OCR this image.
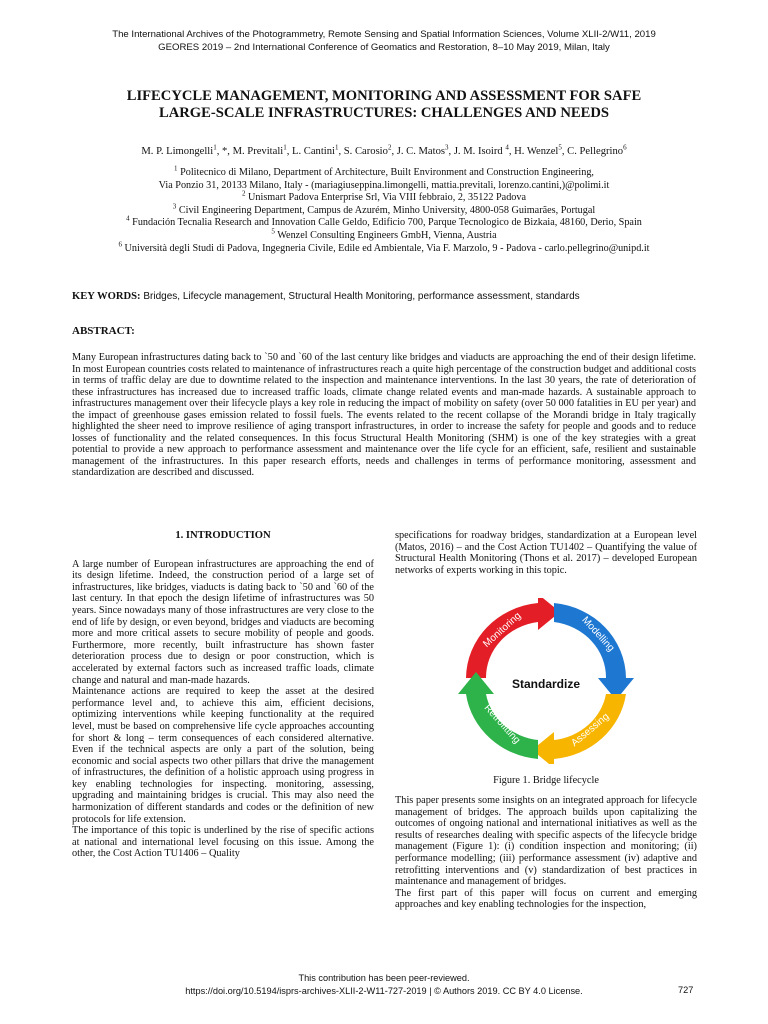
The International Archives of the Photogrammetry, Remote Sensing and Spatial Information Sciences, Volume XLII-2/W11, 2019
GEORES 2019 – 2nd International Conference of Geomatics and Restoration, 8–10 May 2019, Milan, Italy
LIFECYCLE MANAGEMENT, MONITORING AND ASSESSMENT FOR SAFE
LARGE-SCALE INFRASTRUCTURES: CHALLENGES AND NEEDS
M. P. Limongelli$^1$, *, M. Previtali$^1$, L. Cantini$^1$, S. Carosio$^2$, J. C. Matos$^3$, J. M. Isoird $^4$, H. Wenzel$^5$, C. Pellegrino$^6$
$^1$ Politecnico di Milano, Department of Architecture, Built Environment and Construction Engineering,
Via Ponzio 31, 20133 Milano, Italy - (mariagiuseppina.limongelli, mattia.previtali, lorenzo.cantini,)@polimi.it
$^2$ Unismart Padova Enterprise Srl, Via VIII febbraio, 2, 35122 Padova
$^3$ Civil Engineering Department, Campus de Azurém, Minho University, 4800-058 Guimarães, Portugal
$^4$ Fundación Tecnalia Research and Innovation Calle Geldo, Edificio 700, Parque Tecnologico de Bizkaia, 48160, Derio, Spain
$^5$ Wenzel Consulting Engineers GmbH, Vienna, Austria
$^6$ Università degli Studi di Padova, Ingegneria Civile, Edile ed Ambientale, Via F. Marzolo, 9 - Padova - carlo.pellegrino@unipd.it
KEY WORDS: Bridges, Lifecycle management, Structural Health Monitoring, performance assessment, standards
ABSTRACT:
Many European infrastructures dating back to `50 and `60 of the last century like bridges and viaducts are approaching the end of their design lifetime. In most European countries costs related to maintenance of infrastructures reach a quite high percentage of the construction budget and additional costs in terms of traffic delay are due to downtime related to the inspection and maintenance interventions. In the last 30 years, the rate of deterioration of these infrastructures has increased due to increased traffic loads, climate change related events and man-made hazards. A sustainable approach to infrastructures management over their lifecycle plays a key role in reducing the impact of mobility on safety (over 50 000 fatalities in EU per year) and the impact of greenhouse gases emission related to fossil fuels. The events related to the recent collapse of the Morandi bridge in Italy tragically highlighted the sheer need to improve resilience of aging transport infrastructures, in order to increase the safety for people and goods and to reduce losses of functionality and the related consequences. In this focus Structural Health Monitoring (SHM) is one of the key strategies with a great potential to provide a new approach to performance assessment and maintenance over the life cycle for an efficient, safe, resilient and sustainable management of the infrastructures. In this paper research efforts, needs and challenges in terms of performance monitoring, assessment and standardization are described and discussed.
1. INTRODUCTION
A large number of European infrastructures are approaching the end of its design lifetime. Indeed, the construction period of a large set of infrastructures, like bridges, viaducts is dating back to `50 and `60 of the last century. In that epoch the design lifetime of infrastructures was 50 years. Since nowadays many of those infrastructures are very close to the end of life by design, or even beyond, bridges and viaducts are becoming more and more critical assets to secure mobility of people and goods. Furthermore, more recently, built infrastructure has shown faster deterioration process due to design or poor construction, which is accelerated by external factors such as increased traffic loads, climate change and natural and man-made hazards.
Maintenance actions are required to keep the asset at the desired performance level and, to achieve this aim, efficient decisions, optimizing interventions while keeping functionality at the required level, must be based on comprehensive life cycle approaches accounting for short & long – term consequences of each considered alternative. Even if the technical aspects are only a part of the solution, being economic and social aspects two other pillars that drive the management of infrastructures, the definition of a holistic approach using progress in key enabling technologies for inspecting. monitoring, assessing, upgrading and maintaining bridges is crucial. This may also need the harmonization of different standards and codes or the definition of new protocols for life extension.
The importance of this topic is underlined by the rise of specific actions at national and international level focusing on this issue. Among the other, the Cost Action TU1406 – Quality
specifications for roadway bridges, standardization at a European level (Matos, 2016) – and the Cost Action TU1402 – Quantifying the value of Structural Health Monitoring (Thons et al. 2017) – developed European networks of experts working in this topic.
Monitoring	Modelling
Assessing
Retrofitting
Standardize
Figure 1. Bridge lifecycle
This paper presents some insights on an integrated approach for lifecycle management of bridges. The approach builds upon capitalizing the outcomes of ongoing national and international initiatives as well as the results of researches dealing with specific aspects of the lifecycle bridge management (Figure 1): (i) condition inspection and monitoring; (ii) performance modelling; (iii) performance assessment (iv) adaptive and retrofitting interventions and (v) standardization of best practices in maintenance and management of bridges.
The first part of this paper will focus on current and emerging approaches and key enabling technologies for the inspection,
This contribution has been peer-reviewed.
https://doi.org/10.5194/isprs-archives-XLII-2-W11-727-2019 | © Authors 2019. CC BY 4.0 License.	727
